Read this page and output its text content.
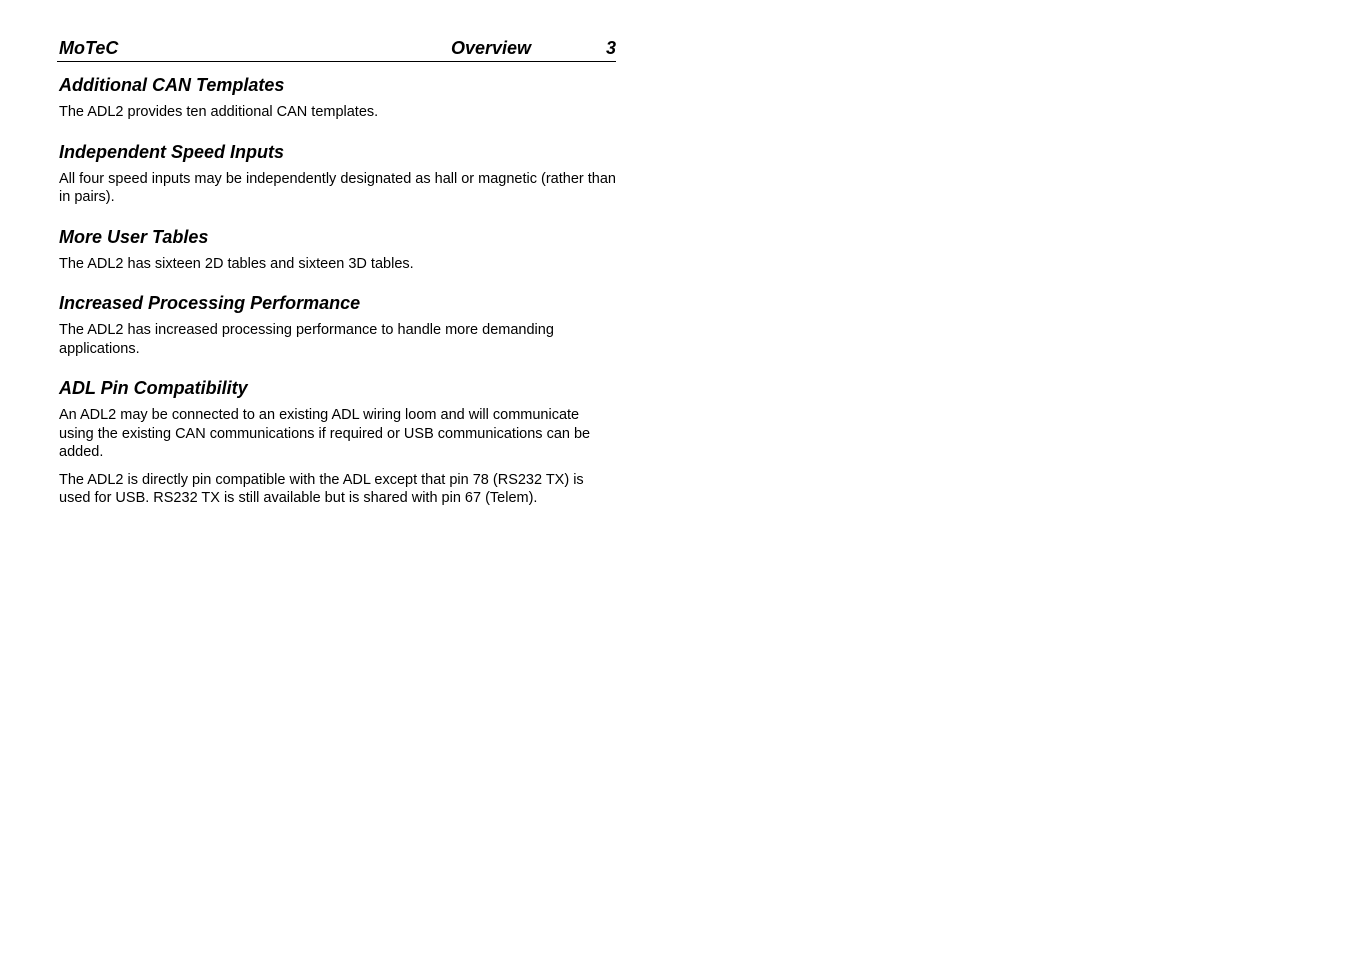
MoTeC	Overview	3
Additional CAN Templates

The ADL2 provides ten additional CAN templates.

Independent Speed Inputs

All four speed inputs may be independently designated as hall or magnetic (rather than in pairs).

More User Tables

The ADL2 has sixteen 2D tables and sixteen 3D tables.

Increased Processing Performance

The ADL2 has increased processing performance to handle more demanding applications.

ADL Pin Compatibility

An ADL2 may be connected to an existing ADL wiring loom and will communicate using the existing CAN communications if required or USB communications can be added.

The ADL2 is directly pin compatible with the ADL except that pin 78 (RS232 TX) is used for USB. RS232 TX is still available but is shared with pin 67 (Telem).
